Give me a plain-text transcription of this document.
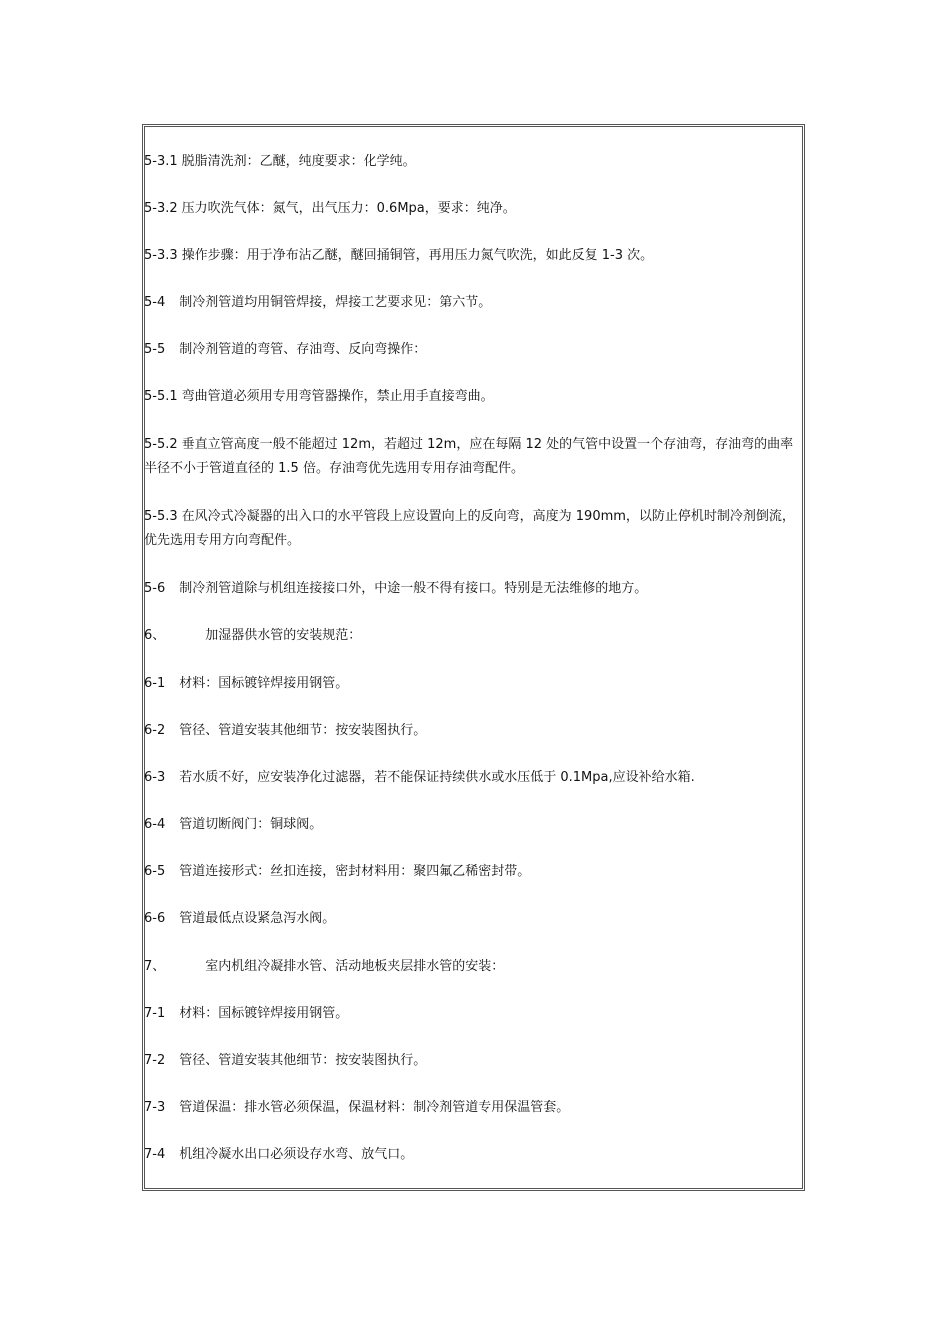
5-3.1 脱脂清洗剂：乙醚，纯度要求：化学纯。
5-3.2 压力吹洗气体：氮气，出气压力：0.6Mpa，要求：纯净。
5-3.3 操作步骤：用于净布沾乙醚，醚回捅铜管，再用压力氮气吹洗，如此反复 1-3 次。
5-4 制冷剂管道均用铜管焊接，焊接工艺要求见：第六节。
5-5 制冷剂管道的弯管、存油弯、反向弯操作：
5-5.1 弯曲管道必须用专用弯管器操作，禁止用手直接弯曲。
5-5.2 垂直立管高度一般不能超过 12m，若超过 12m，应在每隔 12 处的气管中设置一个存油弯，存油弯的曲率半径不小于管道直径的 1.5 倍。存油弯优先选用专用存油弯配件。
5-5.3 在风冷式冷凝器的出入口的水平管段上应设置向上的反向弯，高度为 190mm，以防止停机时制冷剂倒流，优先选用专用方向弯配件。
5-6 制冷剂管道除与机组连接接口外，中途一般不得有接口。特别是无法维修的地方。
6、	加湿器供水管的安装规范：
6-1 材料：国标镀锌焊接用钢管。
6-2 管径、管道安装其他细节：按安装图执行。
6-3 若水质不好，应安装净化过滤器，若不能保证持续供水或水压低于 0.1Mpa,应设补给水箱.
6-4 管道切断阀门：铜球阀。
6-5 管道连接形式：丝扣连接，密封材料用：聚四氟乙稀密封带。
6-6 管道最低点设紧急泻水阀。
7、	室内机组冷凝排水管、活动地板夹层排水管的安装：
7-1 材料：国标镀锌焊接用钢管。
7-2 管径、管道安装其他细节：按安装图执行。
7-3 管道保温：排水管必须保温，保温材料：制冷剂管道专用保温管套。
7-4 机组冷凝水出口必须设存水弯、放气口。
